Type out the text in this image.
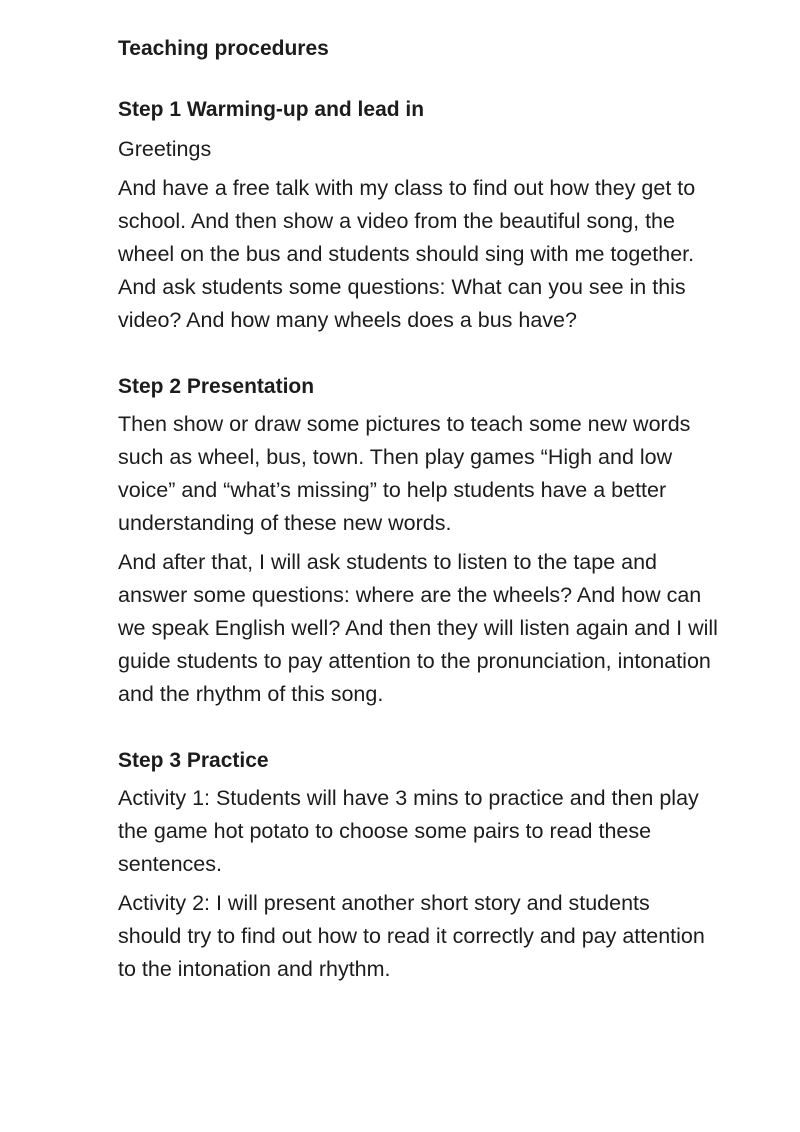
Teaching procedures
Step 1 Warming-up and lead in

Greetings

And have a free talk with my class to find out how they get to school. And then show a video from the beautiful song, the wheel on the bus and students should sing with me together. And ask students some questions: What can you see in this video? And how many wheels does a bus have?

Step 2 Presentation

Then show or draw some pictures to teach some new words such as wheel, bus, town. Then play games “High and low voice” and “what’s missing” to help students have a better understanding of these new words.

And after that, I will ask students to listen to the tape and answer some questions: where are the wheels? And how can we speak English well? And then they will listen again and I will guide students to pay attention to the pronunciation, intonation and the rhythm of this song.

Step 3 Practice

Activity 1: Students will have 3 mins to practice and then play the game hot potato to choose some pairs to read these sentences.

Activity 2: I will present another short story and students should try to find out how to read it correctly and pay attention to the intonation and rhythm.
